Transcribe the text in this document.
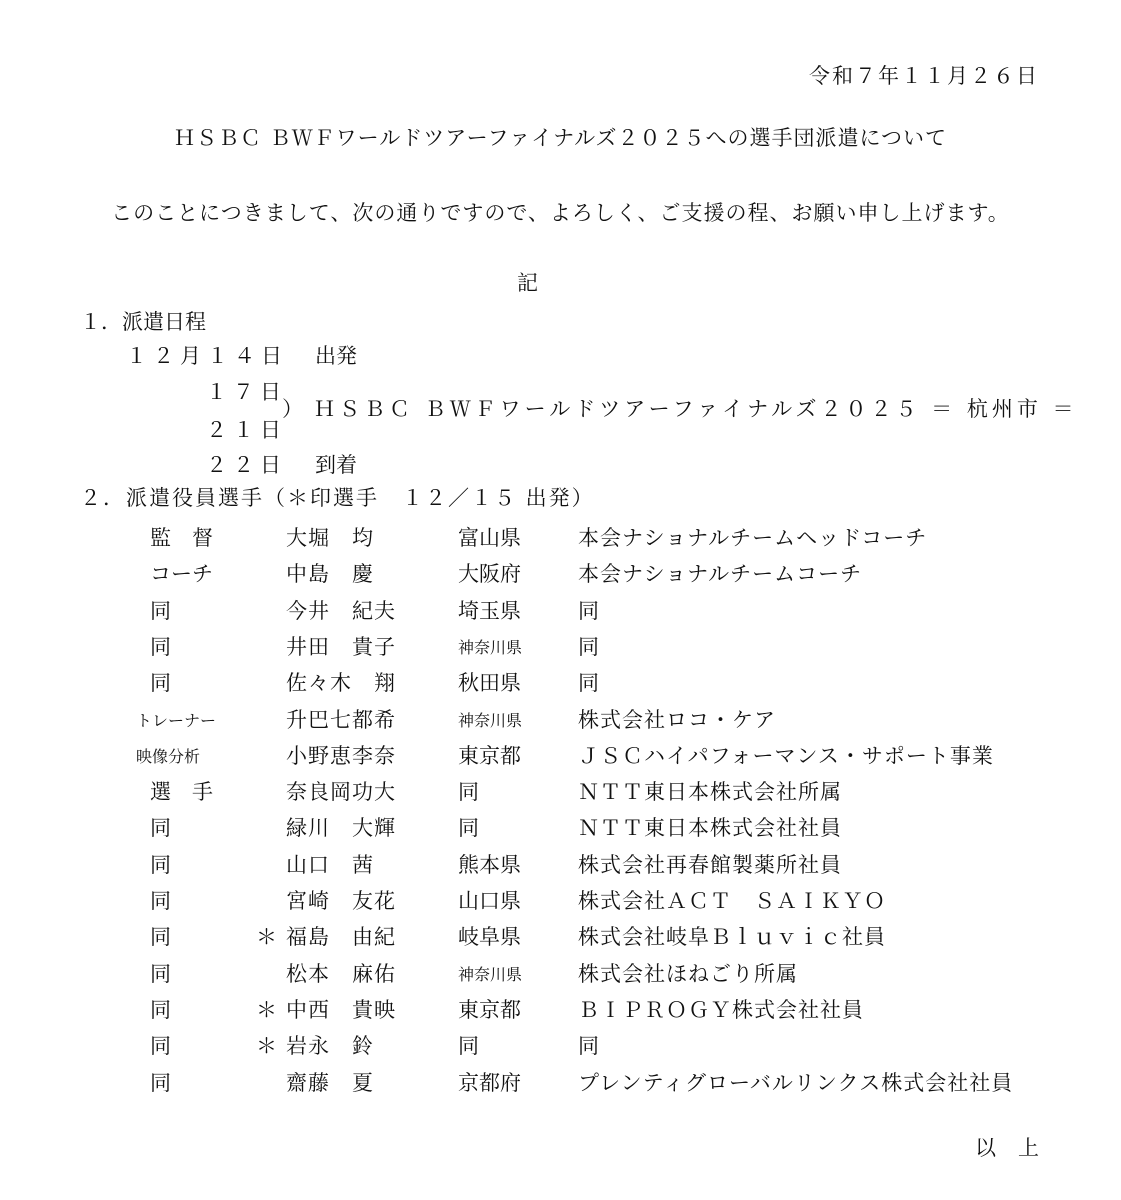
令和７年１１月２６日
ＨＳＢＣ ＢＷＦワールドツアーファイナルズ２０２５への選手団派遣について
このことにつきまして、次の通りですので、よろしく、ご支援の程、お願い申し上げます。
記
１．派遣日程
１２月１４日 出発
１７日
２１日
） ＨＳＢＣ ＢＷＦワールドツアーファイナルズ２０２５ ＝ 杭州市 ＝
２２日 到着
２．派遣役員選手（＊印選手　１２／１５ 出発）
監　督	大堀　均	富山県	本会ナショナルチームヘッドコーチ
コーチ	中島　慶	大阪府	本会ナショナルチームコーチ
同	今井　紀夫	埼玉県	同
同	井田　貴子	神奈川県	同
同	佐々木　翔	秋田県	同
トレーナー	升巴七都希	神奈川県	株式会社ロコ・ケア
映像分析	小野恵李奈	東京都	ＪＳＣハイパフォーマンス・サポート事業
選　手	奈良岡功大	同	ＮＴＴ東日本株式会社所属
同	緑川　大輝	同	ＮＴＴ東日本株式会社社員
同	山口　茜	熊本県	株式会社再春館製薬所社員
同	宮崎　友花	山口県	株式会社ＡＣＴ　ＳＡＩＫＹＯ
同	＊ 福島　由紀	岐阜県	株式会社岐阜Ｂｌｕｖｉｃ社員
同	松本　麻佑	神奈川県	株式会社ほねごり所属
同	＊ 中西　貴映	東京都	ＢＩＰＲＯＧＹ株式会社社員
同	＊ 岩永　鈴	同	同
同	齋藤　夏	京都府	プレンティグローバルリンクス株式会社社員
以上
